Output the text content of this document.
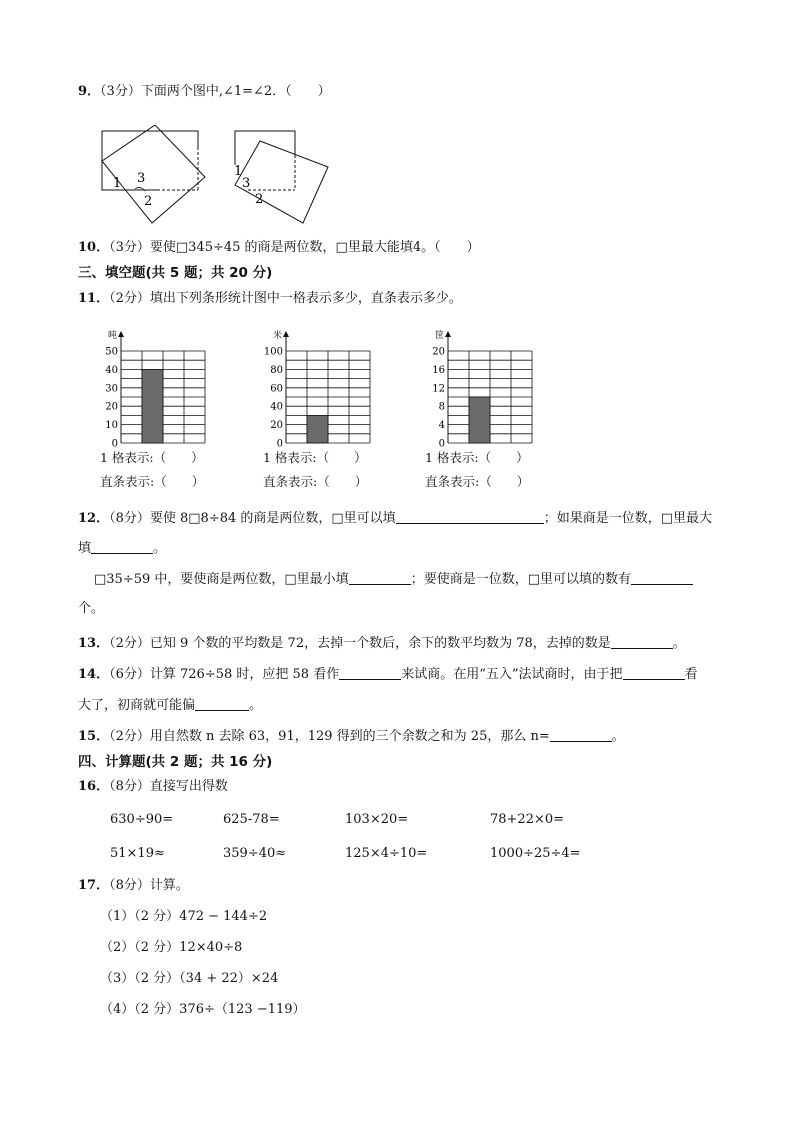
9．（3分）下面两个图中,∠1=∠2．（　　）
1 3
2
1
3
2
10．（3分）要使□345÷45 的商是两位数，□里最大能填4。（　　）
三、填空题(共 5 题；共 20 分)
11．（2分）填出下列条形统计图中一格表示多少，直条表示多少。
吨
0
10
20
30
40
50
1 格表示:（　　）
直条表示:（　　）
米
0
20
40
60
80
100
1 格表示:（　　）
直条表示:（　　）
筐
0
4
8
12
16
20
1 格表示:（　　）
直条表示:（　　）
12．（8分）要使 8□8÷84 的商是两位数，□里可以填	；如果商是一位数，□里最大
填	。
□35÷59 中，要使商是两位数，□里最小填	；要使商是一位数，□里可以填的数有
个。
13．（2分）已知 9 个数的平均数是 72，去掉一个数后，余下的数平均数为 78，去掉的数是	。
14．（6分）计算 726÷58 时，应把 58 看作	来试商。在用“五入”法试商时，由于把	看
大了，初商就可能偏	。
15．（2分）用自然数 n 去除 63，91，129 得到的三个余数之和为 25，那么 n=	。
四、计算题(共 2 题；共 16 分)
16．（8分）直接写出得数
630÷90=	625-78=	103×20=	78+22×0=
51×19≈	359÷40≈	125×4÷10=	1000÷25÷4=
17．（8分）计算。
（1）（2 分）472 − 144÷2
（2）（2 分）12×40÷8
（3）（2 分）（34 + 22）×24
（4）（2 分）376÷（123 −119）
